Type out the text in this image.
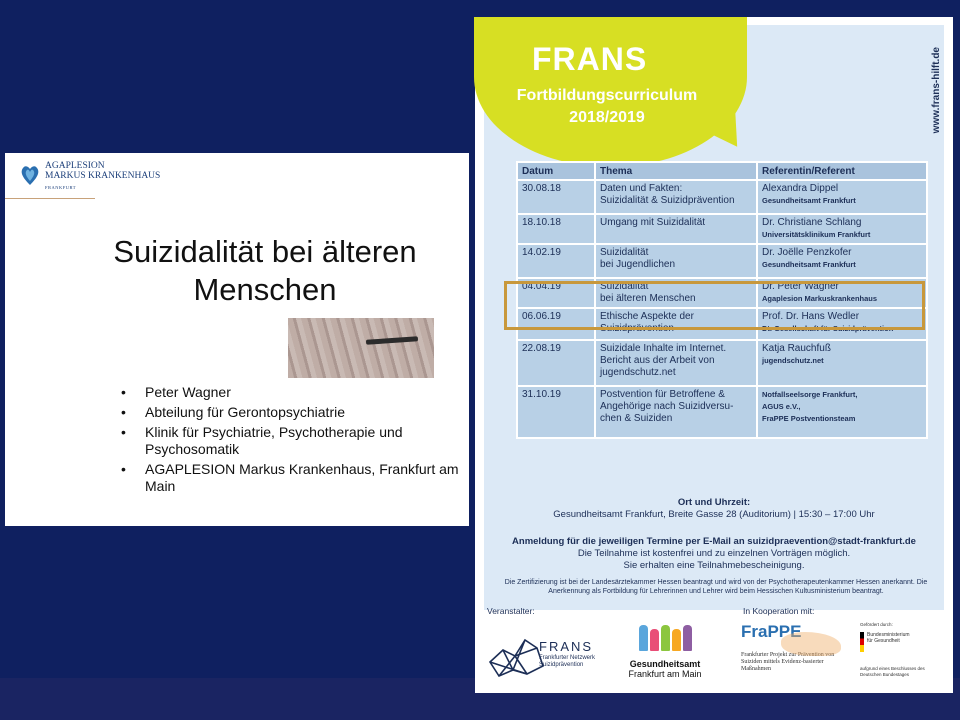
AGAPLESION
MARKUS KRANKENHAUS
FRANKFURT
Suizidalität bei älteren Menschen
• Peter Wagner
• Abteilung für Gerontopsychiatrie
• Klinik für Psychiatrie, Psychotherapie und Psychosomatik
• AGAPLESION Markus Krankenhaus, Frankfurt am Main
FRANS
Fortbildungscurriculum
2018/2019	www.frans-hilft.de
Datum	Thema	Referentin/Referent
30.08.18	Daten und Fakten:
Suizidalität & Suizidprävention	Alexandra Dippel
Gesundheitsamt Frankfurt

18.10.18	Umgang mit Suizidalität	Dr. Christiane Schlang
Universitätsklinikum Frankfurt

14.02.19	Suizidalität
bei Jugendlichen	Dr. Joëlle Penzkofer
Gesundheitsamt Frankfurt

04.04.19	Suizidalität
bei älteren Menschen	Dr. Peter Wagner
Agaplesion Markuskrankenhaus

06.06.19	Ethische Aspekte der
Suizidprävention	Prof. Dr. Hans Wedler
Dt. Gesellschaft für Suizidprävention

22.08.19	Suizidale Inhalte im Internet.
Bericht aus der Arbeit von
jugendschutz.net	Katja Rauchfuß
jugendschutz.net

31.10.19	Postvention für Betroffene &
Angehörige nach Suizidversu-
chen & Suiziden	Notfallseelsorge Frankfurt,
AGUS e.V.,
FraPPE Postventionsteam
Ort und Uhrzeit:
Gesundheitsamt Frankfurt, Breite Gasse 28 (Auditorium) | 15:30 – 17:00 Uhr
Anmeldung für die jeweiligen Termine per E-Mail an suizidpraevention@stadt-frankfurt.de
Die Teilnahme ist kostenfrei und zu einzelnen Vorträgen möglich.
Sie erhalten eine Teilnahmebescheinigung.
Die Zertifizierung ist bei der Landesärztekammer Hessen beantragt und wird von der Psychotherapeutenkammer Hessen anerkannt. Die Anerkennung als Fortbildung für Lehrerinnen und Lehrer wird beim Hessischen Kultusministerium beantragt.
Veranstalter:	In Kooperation mit:
FRANS
Frankfurter Netzwerk Suizidprävention	Gesundheitsamt
Frankfurt am Main
FraPPE
Frankfurter Projekt zur Prävention von Suiziden mittels Evidenz-basierter Maßnahmen
Gefördert durch:
Bundesministerium für Gesundheit
aufgrund eines Beschlusses des Deutschen Bundestages
